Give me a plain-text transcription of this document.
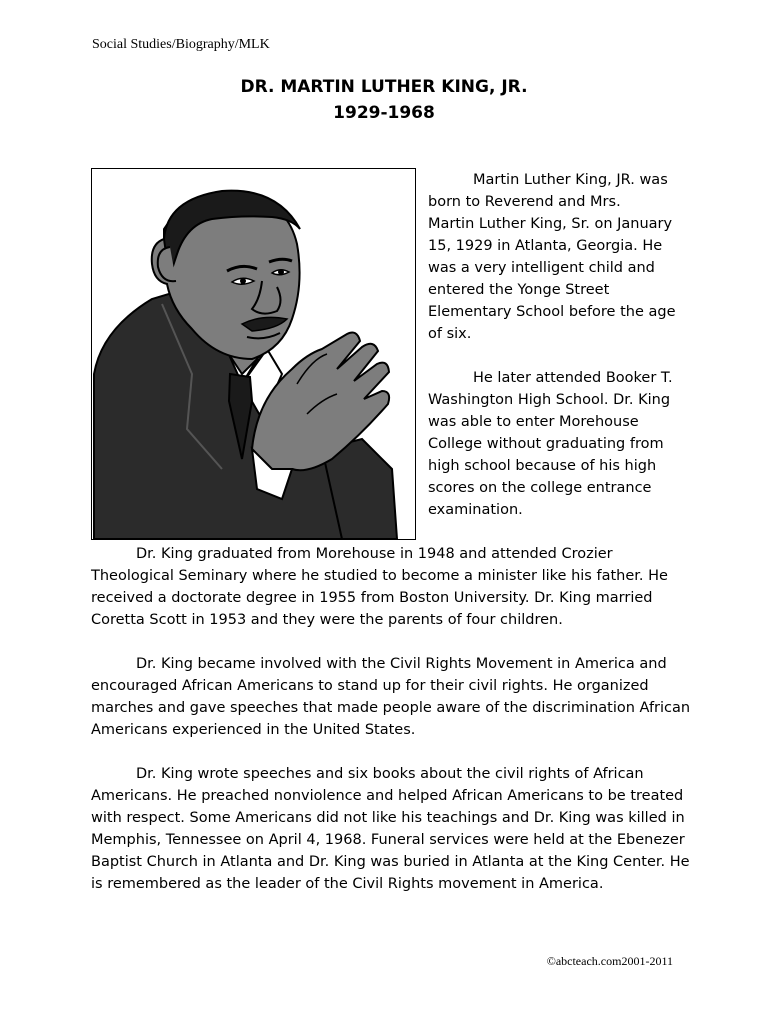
Social Studies/Biography/MLK
DR. MARTIN LUTHER KING, JR.
1929-1968

Martin Luther King, JR. was
born to Reverend and Mrs.
Martin Luther King, Sr. on January
15, 1929 in Atlanta, Georgia. He
was a very intelligent child and
entered the Yonge Street
Elementary School before the age
of six.

He later attended Booker T.
Washington High School. Dr. King
was able to enter Morehouse
College without graduating from
high school because of his high
scores on the college entrance
examination.

Dr. King graduated from Morehouse in 1948 and attended Crozier
Theological Seminary where he studied to become a minister like his father. He
received a doctorate degree in 1955 from Boston University. Dr. King married
Coretta Scott in 1953 and they were the parents of four children.

Dr. King became involved with the Civil Rights Movement in America and
encouraged African Americans to stand up for their civil rights. He organized
marches and gave speeches that made people aware of the discrimination African
Americans experienced in the United States.

Dr. King wrote speeches and six books about the civil rights of African
Americans. He preached nonviolence and helped African Americans to be treated
with respect. Some Americans did not like his teachings and Dr. King was killed in
Memphis, Tennessee on April 4, 1968. Funeral services were held at the Ebenezer
Baptist Church in Atlanta and Dr. King was buried in Atlanta at the King Center. He
is remembered as the leader of the Civil Rights movement in America.

©abcteach.com2001-2011
